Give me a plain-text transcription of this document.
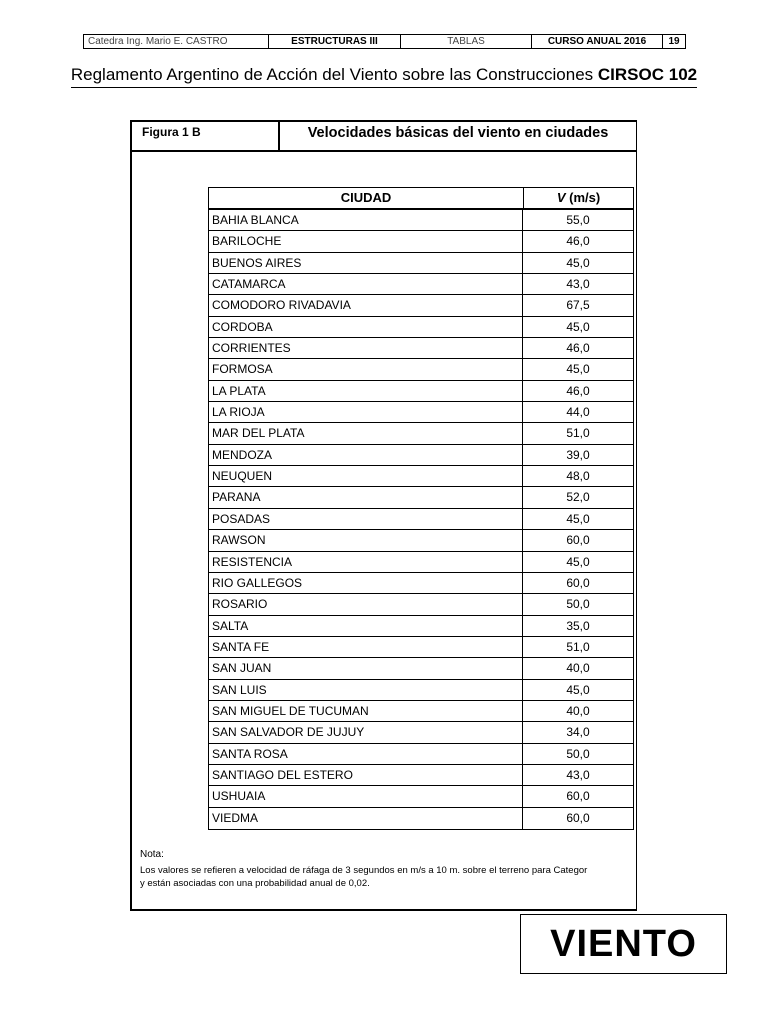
Catedra Ing. Mario E. CASTRO	ESTRUCTURAS III	TABLAS	CURSO ANUAL 2016	19
Reglamento Argentino de Acción del Viento sobre las Construcciones CIRSOC 102
Figura 1 B	Velocidades básicas del viento en ciudades
CIUDAD	V (m/s)
BAHIA BLANCA	55,0
BARILOCHE	46,0
BUENOS AIRES	45,0
CATAMARCA	43,0
COMODORO RIVADAVIA	67,5
CORDOBA	45,0
CORRIENTES	46,0
FORMOSA	45,0
LA PLATA	46,0
LA RIOJA	44,0
MAR DEL PLATA	51,0
MENDOZA	39,0
NEUQUEN	48,0
PARANA	52,0
POSADAS	45,0
RAWSON	60,0
RESISTENCIA	45,0
RIO GALLEGOS	60,0
ROSARIO	50,0
SALTA	35,0
SANTA FE	51,0
SAN JUAN	40,0
SAN LUIS	45,0
SAN MIGUEL DE TUCUMAN	40,0
SAN SALVADOR DE JUJUY	34,0
SANTA ROSA	50,0
SANTIAGO DEL ESTERO	43,0
USHUAIA	60,0
VIEDMA	60,0
Nota:
Los valores se refieren a velocidad de ráfaga de 3 segundos en m/s a 10 m. sobre el terreno para Categor
y están asociadas con una probabilidad anual de 0,02.
VIENTO
